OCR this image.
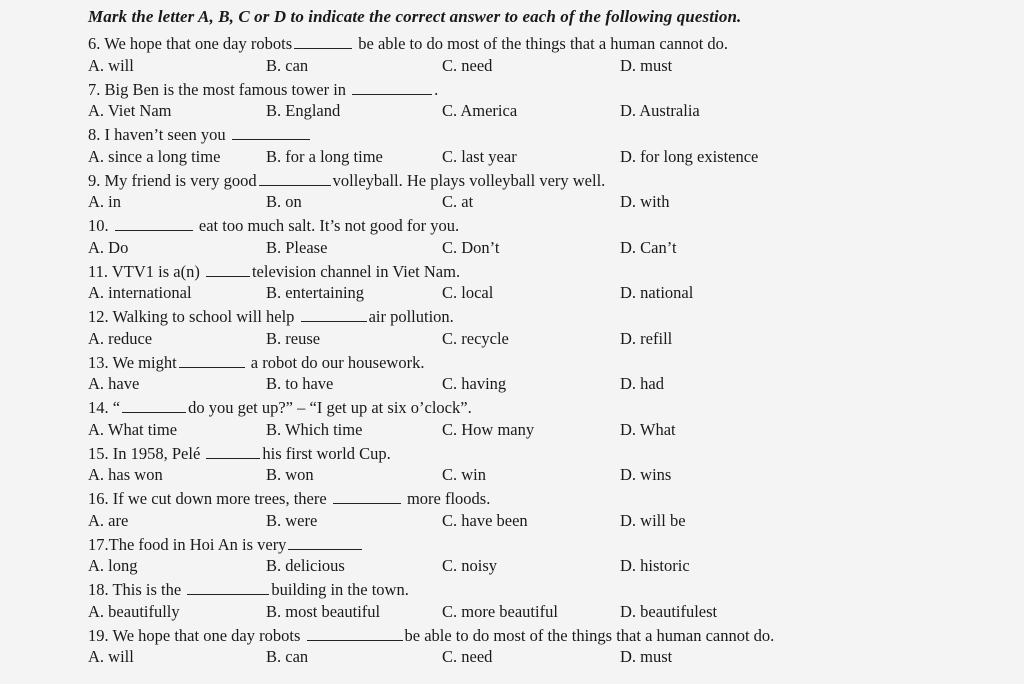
Mark the letter A, B, C or D to indicate the correct answer to each of the following question.
6. We hope that one day robots	be able to do most of the things that a human cannot do.
A. will	B. can	C. need	D. must
7. Big Ben is the most famous tower in	.
A. Viet Nam	B. England	C. America	D. Australia
8. I haven’t seen you
A. since a long time	B. for a long time	C. last year	D. for long existence
9. My friend is very good	volleyball. He plays volleyball very well.
A. in	B. on	C. at	D. with
10.	eat too much salt. It’s not good for you.
A. Do	B. Please	C. Don’t	D. Can’t
11. VTV1 is a(n)	television channel in Viet Nam.
A. international	B. entertaining	C. local	D. national
12. Walking to school will help	air pollution.
A. reduce	B. reuse	C. recycle	D. refill
13. We might	a robot do our housework.
A. have	B. to have	C. having	D. had
14. “	do you get up?” – “I get up at six o’clock”.
A. What time	B. Which time	C. How many	D. What
15. In 1958, Pelé	his first world Cup.
A. has won	B. won	C. win	D. wins
16. If we cut down more trees, there	more floods.
A. are	B. were	C. have been	D. will be
17.The food in Hoi An is very
A. long	B. delicious	C. noisy	D. historic
18. This is the	building in the town.
A. beautifully	B. most beautiful	C. more beautiful	D. beautifulest
19. We hope that one day robots	be able to do most of the things that a human cannot do.
A. will	B. can	C. need	D. must
